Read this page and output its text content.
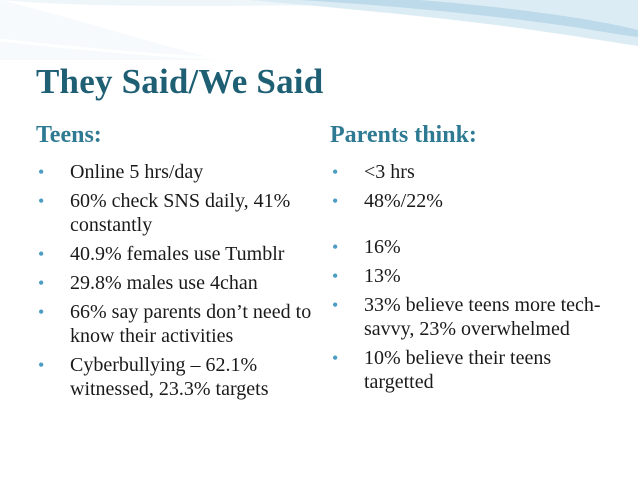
They Said/We Said
Teens:	Parents think:
• Online 5 hrs/day
• 60% check SNS daily, 41% constantly
• 40.9% females use Tumblr
• 29.8% males use 4chan
• 66% say parents don’t need to know their activities
• Cyberbullying – 62.1% witnessed, 23.3% targets
• <3 hrs
• 48%/22%
• 16%
• 13%
• 33% believe teens more tech-savvy, 23% overwhelmed
• 10% believe their teens targetted
